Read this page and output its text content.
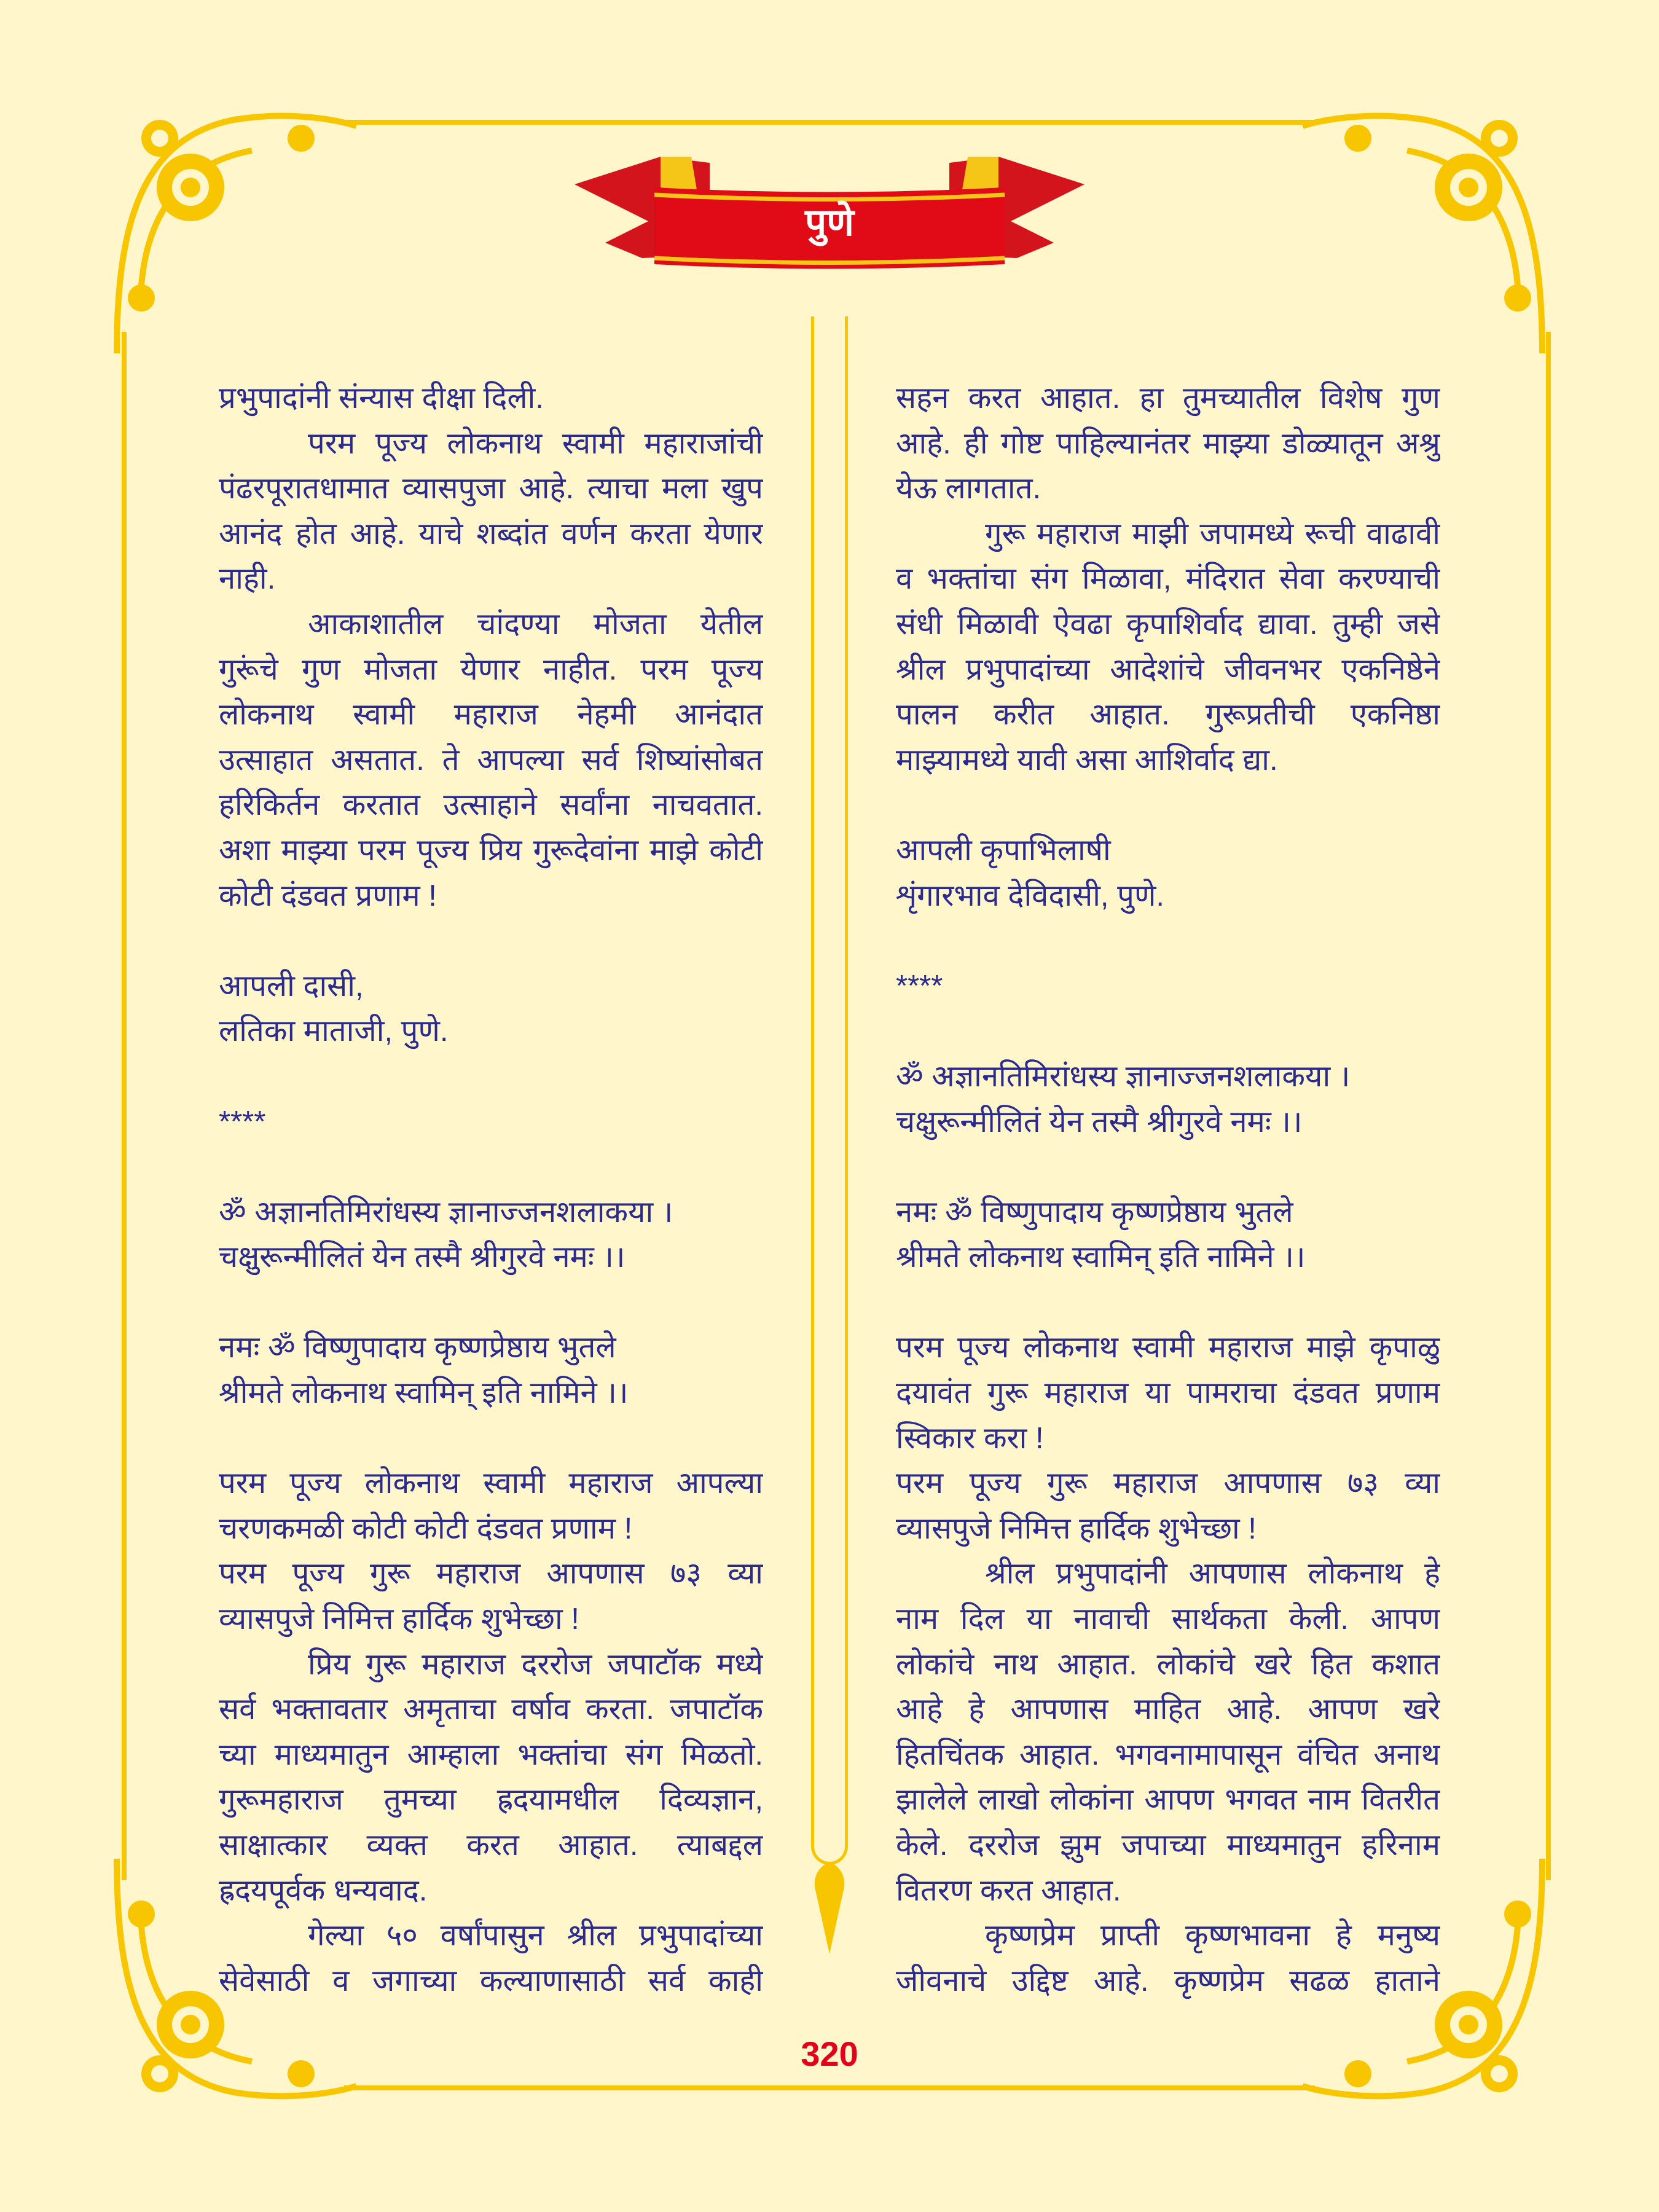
पुणे
प्रभुपादांनी संन्यास दीक्षा दिली.
परम पूज्य लोकनाथ स्वामी महाराजांची
पंढरपूरातधामात व्यासपुजा आहे. त्याचा मला खुप
आनंद होत आहे. याचे शब्दांत वर्णन करता येणार
नाही.
आकाशातील चांदण्या मोजता येतील
गुरूंचे गुण मोजता येणार नाहीत. परम पूज्य
लोकनाथ स्वामी महाराज नेहमी आनंदात
उत्साहात असतात. ते आपल्या सर्व शिष्यांसोबत
हरिकिर्तन करतात उत्साहाने सर्वांना नाचवतात.
अशा माझ्या परम पूज्य प्रिय गुरूदेवांना माझे कोटी
कोटी दंडवत प्रणाम !
आपली दासी,
लतिका माताजी, पुणे.
****
ॐ अज्ञानतिमिरांधस्य ज्ञानाज्जनशलाकया ।
चक्षुरून्मीलितं येन तस्मै श्रीगुरवे नमः ।।
नमः ॐ विष्णुपादाय कृष्णप्रेष्ठाय भुतले
श्रीमते लोकनाथ स्वामिन् इति नामिने ।।
परम पूज्य लोकनाथ स्वामी महाराज आपल्या
चरणकमळी कोटी कोटी दंडवत प्रणाम !
परम पूज्य गुरू महाराज आपणास ७३ व्या
व्यासपुजे निमित्त हार्दिक शुभेच्छा !
प्रिय गुरू महाराज दररोज जपाटॉक मध्ये
सर्व भक्तावतार अमृताचा वर्षाव करता. जपाटॉक
च्या माध्यमातुन आम्हाला भक्तांचा संग मिळतो.
गुरूमहाराज तुमच्या ह्रदयामधील दिव्यज्ञान,
साक्षात्कार व्यक्त करत आहात. त्याबद्दल
ह्रदयपूर्वक धन्यवाद.
गेल्या ५० वर्षांपासुन श्रील प्रभुपादांच्या
सेवेसाठी व जगाच्या कल्याणासाठी सर्व काही
सहन करत आहात. हा तुमच्यातील विशेष गुण
आहे. ही गोष्ट पाहिल्यानंतर माझ्या डोळ्यातून अश्रु
येऊ लागतात.
गुरू महाराज माझी जपामध्ये रूची वाढावी
व भक्तांचा संग मिळावा, मंदिरात सेवा करण्याची
संधी मिळावी ऐवढा कृपाशिर्वाद द्यावा. तुम्ही जसे
श्रील प्रभुपादांच्या आदेशांचे जीवनभर एकनिष्ठेने
पालन करीत आहात. गुरूप्रतीची एकनिष्ठा
माझ्यामध्ये यावी असा आशिर्वाद द्या.
आपली कृपाभिलाषी
शृंगारभाव देविदासी, पुणे.
****
ॐ अज्ञानतिमिरांधस्य ज्ञानाज्जनशलाकया ।
चक्षुरून्मीलितं येन तस्मै श्रीगुरवे नमः ।।
नमः ॐ विष्णुपादाय कृष्णप्रेष्ठाय भुतले
श्रीमते लोकनाथ स्वामिन् इति नामिने ।।
परम पूज्य लोकनाथ स्वामी महाराज माझे कृपाळु
दयावंत गुरू महाराज या पामराचा दंडवत प्रणाम
स्विकार करा !
परम पूज्य गुरू महाराज आपणास ७३ व्या
व्यासपुजे निमित्त हार्दिक शुभेच्छा !
श्रील प्रभुपादांनी आपणास लोकनाथ हे
नाम दिल या नावाची सार्थकता केली. आपण
लोकांचे नाथ आहात. लोकांचे खरे हित कशात
आहे हे आपणास माहित आहे. आपण खरे
हितचिंतक आहात. भगवनामापासून वंचित अनाथ
झालेले लाखो लोकांना आपण भगवत नाम वितरीत
केले. दररोज झुम जपाच्या माध्यमातुन हरिनाम
वितरण करत आहात.
कृष्णप्रेम प्राप्ती कृष्णभावना हे मनुष्य
जीवनाचे उद्दिष्ट आहे. कृष्णप्रेम सढळ हाताने
320
